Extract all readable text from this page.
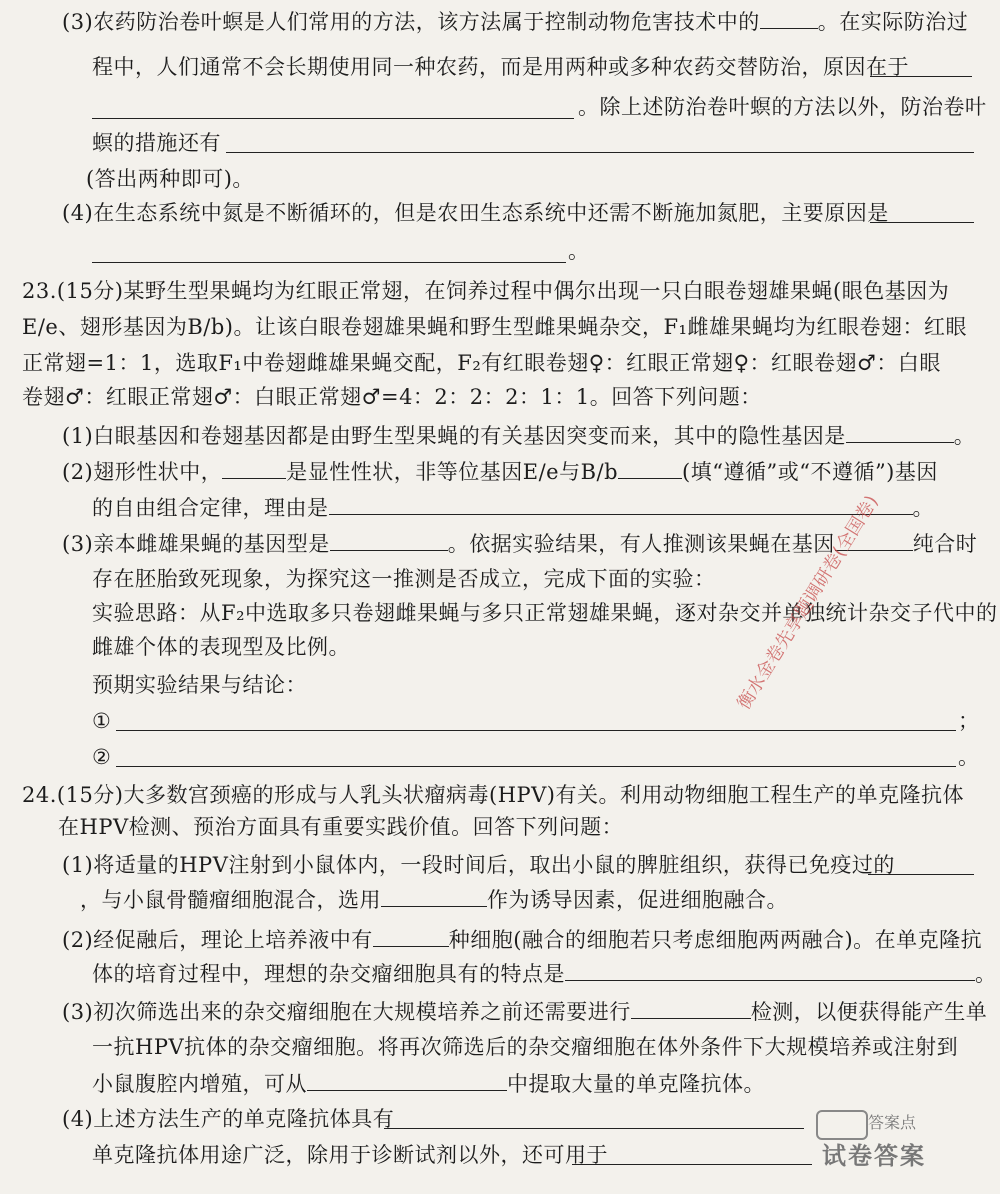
(3)农药防治卷叶螟是人们常用的方法，该方法属于控制动物危害技术中的	。在实际防治过
程中，人们通常不会长期使用同一种农药，而是用两种或多种农药交替防治，原因在于
。除上述防治卷叶螟的方法以外，防治卷叶
螟的措施还有
(答出两种即可)。
(4)在生态系统中氮是不断循环的，但是农田生态系统中还需不断施加氮肥，主要原因是
。
23.(15分)某野生型果蝇均为红眼正常翅，在饲养过程中偶尔出现一只白眼卷翅雄果蝇(眼色基因为
E/e、翅形基因为B/b)。让该白眼卷翅雄果蝇和野生型雌果蝇杂交，F₁雌雄果蝇均为红眼卷翅：红眼
正常翅=1：1，选取F₁中卷翅雌雄果蝇交配，F₂有红眼卷翅♀：红眼正常翅♀：红眼卷翅♂：白眼
卷翅♂：红眼正常翅♂：白眼正常翅♂=4：2：2：2：1：1。回答下列问题：
(1)白眼基因和卷翅基因都是由野生型果蝇的有关基因突变而来，其中的隐性基因是	。
(2)翅形性状中，	是显性性状，非等位基因E/e与B/b	(填“遵循”或“不遵循”)基因
的自由组合定律，理由是	。
(3)亲本雌雄果蝇的基因型是	。依据实验结果，有人推测该果蝇在基因	纯合时
存在胚胎致死现象，为探究这一推测是否成立，完成下面的实验：
实验思路：从F₂中选取多只卷翅雌果蝇与多只正常翅雄果蝇，逐对杂交并单独统计杂交子代中的
雌雄个体的表现型及比例。
预期实验结果与结论：
①	；
②	。
24.(15分)大多数宫颈癌的形成与人乳头状瘤病毒(HPV)有关。利用动物细胞工程生产的单克隆抗体
在HPV检测、预治方面具有重要实践价值。回答下列问题：
(1)将适量的HPV注射到小鼠体内，一段时间后，取出小鼠的脾脏组织，获得已免疫过的
，与小鼠骨髓瘤细胞混合，选用	作为诱导因素，促进细胞融合。
(2)经促融后，理论上培养液中有	种细胞(融合的细胞若只考虑细胞两两融合)。在单克隆抗
体的培育过程中，理想的杂交瘤细胞具有的特点是	。
(3)初次筛选出来的杂交瘤细胞在大规模培养之前还需要进行	检测，以便获得能产生单
一抗HPV抗体的杂交瘤细胞。将再次筛选后的杂交瘤细胞在体外条件下大规模培养或注射到
小鼠腹腔内增殖，可从	中提取大量的单克隆抗体。
(4)上述方法生产的单克隆抗体具有
单克隆抗体用途广泛，除用于诊断试剂以外，还可用于
衡水金卷先享题调研卷(全国卷)
答案点
试卷答案
